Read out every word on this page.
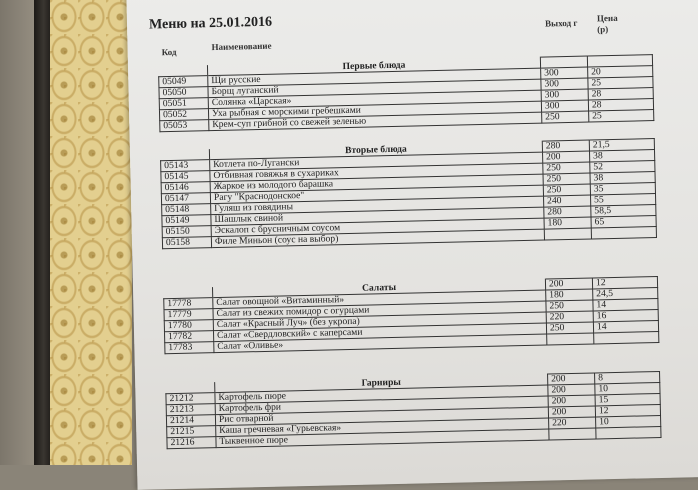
Меню на 25.01.2016
Код	Наименование
Выход г	Цена (р)
	Первые блюда		
05049	Щи русские	300	20
05050	Борщ луганский	300	25
05051	Солянка «Царская»	300	28
05052	Уха рыбная с морскими гребешками	300	28
05053	Крем-суп грибной со свежей зеленью	250	25
	Вторые блюда	280	21,5
05143	Котлета по-Луганcки	200	38
05145	Отбивная говяжья в сухариках	250	52
05146	Жаркое из молодого барашка	250	38
05147	Рагу "Краснодонское"	250	35
05148	Гуляш из говядины	240	55
05149	Шашлык свиной	280	58,5
05150	Эскалоп с брусничным соусом	180	65
05158	Филе Миньон (соус на выбор)		
	Салаты	200	12
17778	Салат овощной «Витаминный»	180	24,5
17779	Салат из свежих помидор с огурцами	250	14
17780	Салат «Красный Луч» (без укропа)	220	16
17782	Салат «Свердловский» с каперсами	250	14
17783	Салат «Оливье»		
	Гарниры	200	8
21212	Картофель пюре	200	10
21213	Картофель фри	200	15
21214	Рис отварной	200	12
21215	Каша гречневая «Гурьевская»	220	10
21216	Тыквенное пюре		
